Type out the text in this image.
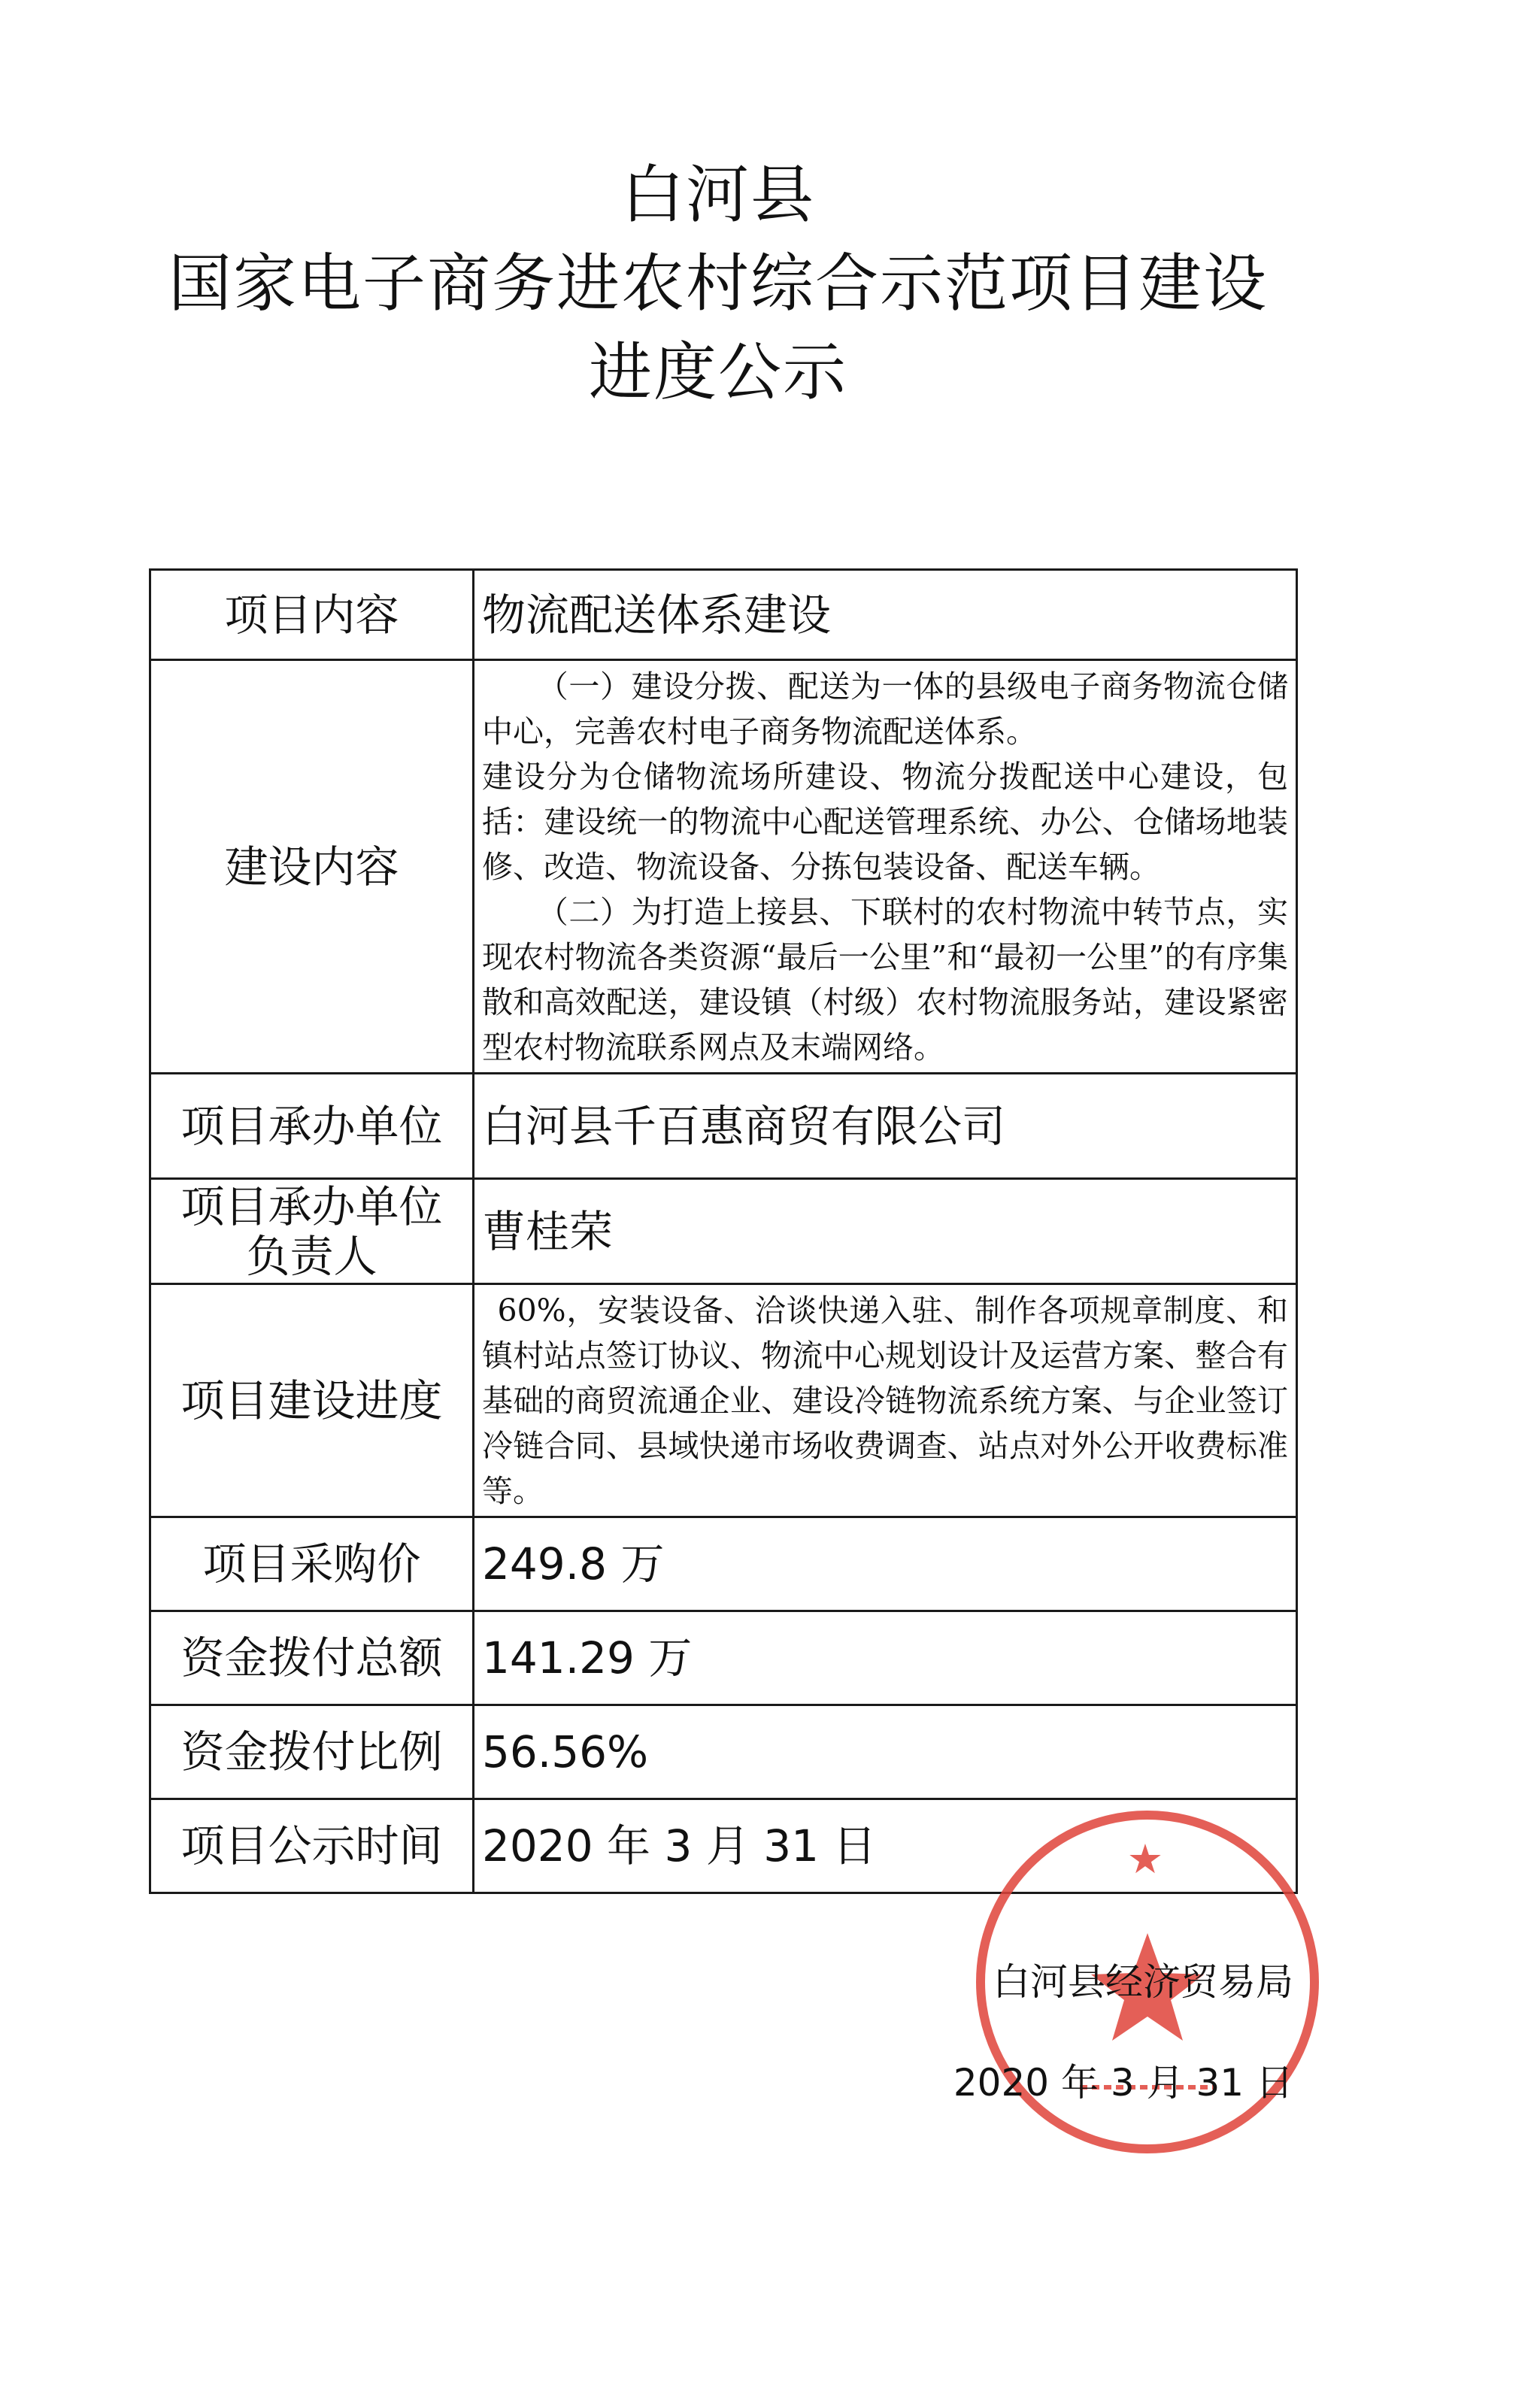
白河县
国家电子商务进农村综合示范项目建设
进度公示
项目内容	物流配送体系建设
建设内容	（一）建设分拨、配送为一体的县级电子商务物流仓储中心，完善农村电子商务物流配送体系。

建设分为仓储物流场所建设、物流分拨配送中心建设，包括：建设统一的物流中心配送管理系统、办公、仓储场地装修、改造、物流设备、分拣包装设备、配送车辆。

（二）为打造上接县、下联村的农村物流中转节点，实现农村物流各类资源“最后一公里”和“最初一公里”的有序集散和高效配送，建设镇（村级）农村物流服务站，建设紧密型农村物流联系网点及末端网络。

项目承办单位	白河县千百惠商贸有限公司

项目承办单位
负责人	曹桂荣
项目建设进度	60%，安装设备、洽谈快递入驻、制作各项规章制度、和镇村站点签订协议、物流中心规划设计及运营方案、整合有基础的商贸流通企业、建设冷链物流系统方案、与企业签订冷链合同、县域快递市场收费调查、站点对外公开收费标准等。

项目采购价	249.8 万
资金拨付总额	141.29 万
资金拨付比例	56.56%
项目公示时间	2020 年 3 月 31 日	★
白河县经济贸易局
2020 年 3 月 31 日
